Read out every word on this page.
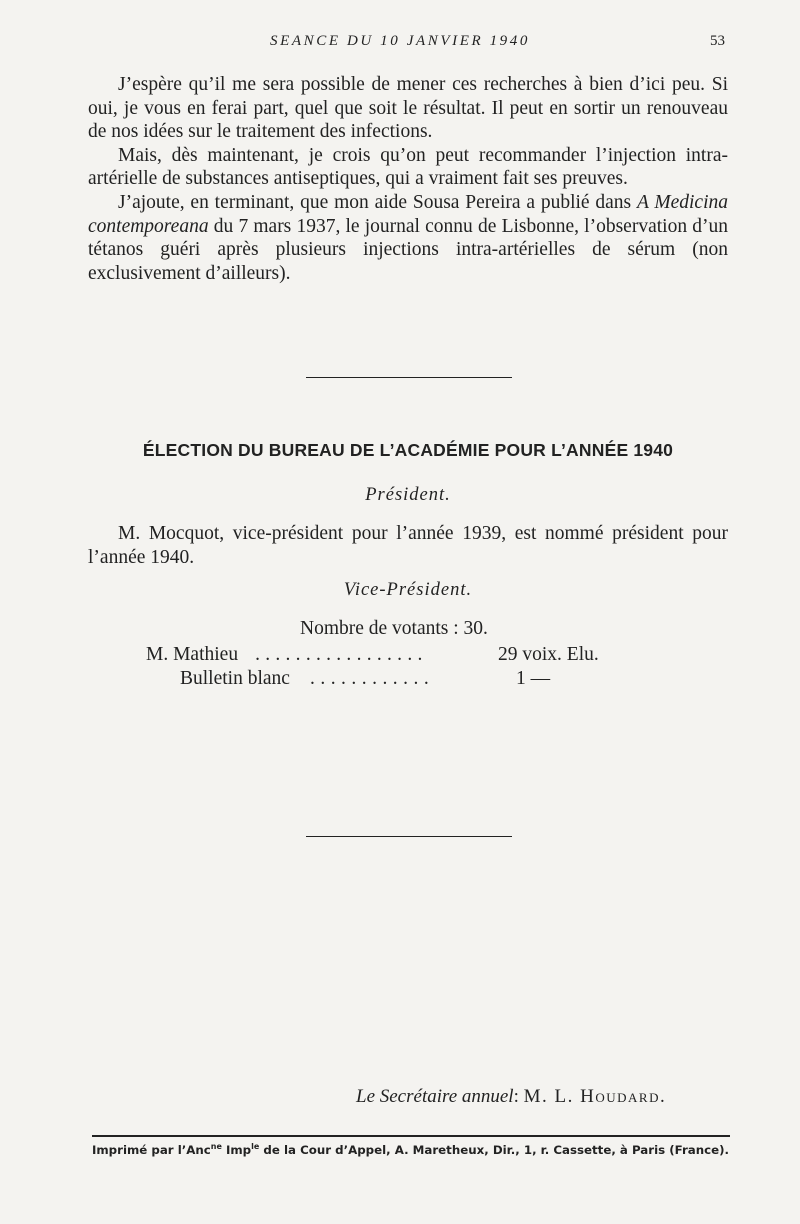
SEANCE DU 10 JANVIER 1940	53

J’espère qu’il me sera possible de mener ces recherches à bien d’ici peu. Si oui, je vous en ferai part, quel que soit le résultat. Il peut en sortir un renouveau de nos idées sur le traitement des infections.

Mais, dès maintenant, je crois qu’on peut recommander l’injection intra-artérielle de substances antiseptiques, qui a vraiment fait ses preuves.

J’ajoute, en terminant, que mon aide Sousa Pereira a publié dans A Medicina contemporeana du 7 mars 1937, le journal connu de Lisbonne, l’observation d’un tétanos guéri après plusieurs injections intra-artérielles de sérum (non exclusivement d’ailleurs).

ÉLECTION DU BUREAU DE L’ACADÉMIE POUR L’ANNÉE 1940
Président.

M. Mocquot, vice-président pour l’année 1939, est nommé président pour l’année 1940.

Vice-Président.
Nombre de votants : 30.
M. Mathieu . . . . . . . . . . . . . . . . .	29 voix. Elu.
Bulletin blanc . . . . . . . . . . . .	1 —
Le Secrétaire annuel: M. L. Houdard.
Imprimé par l’Anc$^{ne}$ Imp$^{le}$ de la Cour d’Appel, A. Maretheux, Dir., 1, r. Cassette, à Paris (France).
